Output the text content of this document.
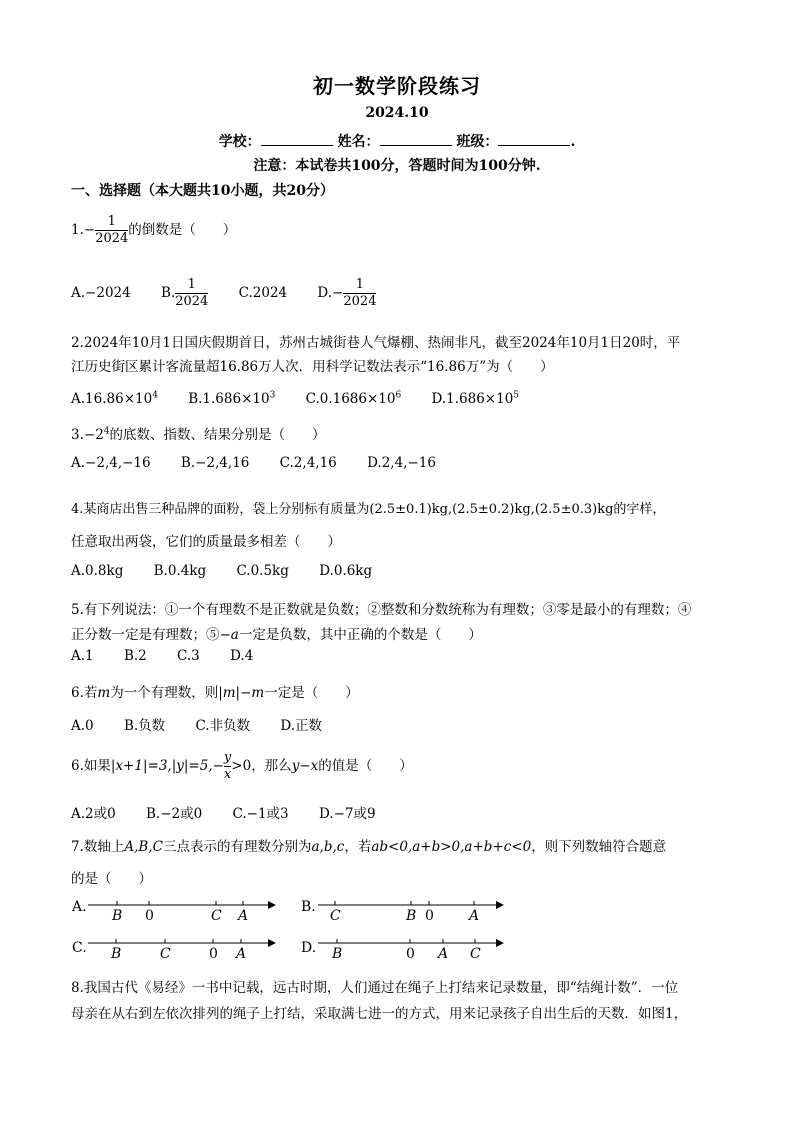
初一数学阶段练习
2024.10
学校：	姓名：	班级：	.
注意：本试卷共100分，答题时间为100分钟.
一、选择题（本大题共10小题，共20分）
$1.- \frac{1}{2024}$ 的倒数是（　　）
A.−2024 B. $\frac{1}{2024} C.2024$ $D.- \frac{1}{2024}$
2.2024年10月1日国庆假期首日，苏州古城街巷人气爆棚、热闹非凡，截至2024年10月1日20时，平
江历史街区累计客流量超16.86万人次．用科学记数法表示“16.86万”为（　　）
$A.16.86\times 10^4$ $B.1.686\times 10^3$ $C.0.1686\times 10^6$ $D.1.686\times 10^5$
$3.-2^4$的底数、指数、结果分别是（　　）
A.−2,4,−16 B.−2,4,16 C.2,4,16 D.2,4,−16
4.某商店出售三种品牌的面粉，袋上分别标有质量为(2.5±0.1)kg,(2.5±0.2)kg,(2.5±0.3)kg的字样，
任意取出两袋，它们的质量最多相差（　　）
A.0.8kg B.0.4kg C.0.5kg D.0.6kg
5.有下列说法：①一个有理数不是正数就是负数；②整数和分数统称为有理数；③零是最小的有理数；④
正分数一定是有理数；⑤−a一定是负数，其中正确的个数是（　　）
A.1 B.2 C.3 D.4
6.若m为一个有理数，则|m|−m一定是（　　）
A.0 B.负数 C.非负数 D.正数
6.如果$|x+1|=3,|y|=5,- \frac{y}{x} >0$，那么y−x的值是（　　）
A.2或0 B.−2或0 C.−1或3 D.−7或9
7.数轴上A,B,C三点表示的有理数分别为a,b,c，若ab<0,a+b>0,a+b+c<0，则下列数轴符合题意
的是（　　）
A.
B 0	C A
B.
C	B 0	A
C. B	C	0 A	D. B	0 A C
8.我国古代《易经》一书中记载，远古时期，人们通过在绳子上打结来记录数量，即“结绳计数”．一位
母亲在从右到左依次排列的绳子上打结，采取满七进一的方式，用来记录孩子自出生后的天数．如图1，
